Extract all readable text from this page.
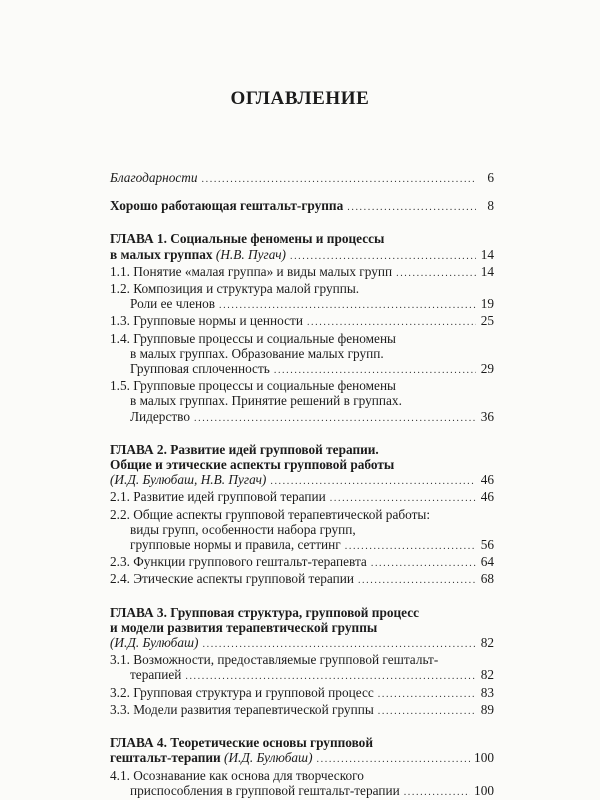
ОГЛАВЛЕНИЕ
Благодарности .....	6
Хорошо работающая гештальт-группа .....	8
ГЛАВА 1. Социальные феномены и процессы
в малых группах (Н.В. Пугач) .....	14
1.1. Понятие «малая группа» и виды малых групп .....	14
1.2. Композиция и структура малой группы.
Роли ее членов .....	19
1.3. Групповые нормы и ценности .....	25
1.4. Групповые процессы и социальные феномены
в малых группах. Образование малых групп.
Групповая сплоченность .....	29
1.5. Групповые процессы и социальные феномены
в малых группах. Принятие решений в группах.
Лидерство .....	36
ГЛАВА 2. Развитие идей групповой терапии.
Общие и этические аспекты групповой работы
(И.Д. Булюбаш, Н.В. Пугач) .....	46
2.1. Развитие идей групповой терапии .....	46
2.2. Общие аспекты групповой терапевтической работы:
виды групп, особенности набора групп,
групповые нормы и правила, сеттинг .....	56
2.3. Функции группового гештальт-терапевта .....	64
2.4. Этические аспекты групповой терапии .....	68
ГЛАВА 3. Групповая структура, групповой процесс
и модели развития терапевтической группы
(И.Д. Булюбаш) .....	82
3.1. Возможности, предоставляемые групповой гештальт-
терапией .....	82
3.2. Групповая структура и групповой процесс .....	83
3.3. Модели развития терапевтической группы .....	89
ГЛАВА 4. Теоретические основы групповой
гештальт-терапии (И.Д. Булюбаш) .....	100
4.1. Осознавание как основа для творческого
приспособления в групповой гештальт-терапии .....	100
